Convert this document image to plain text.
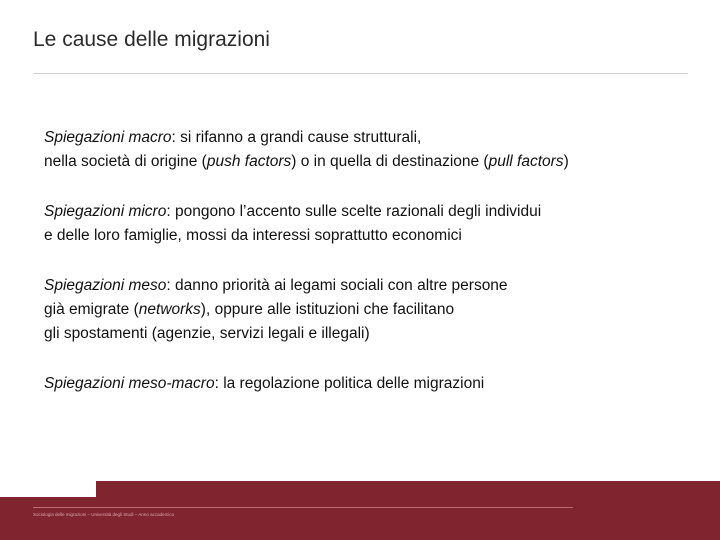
Le cause delle migrazioni

Spiegazioni macro: si rifanno a grandi cause strutturali,
nella società di origine (push factors) o in quella di destinazione (pull factors)

Spiegazioni micro: pongono l’accento sulle scelte razionali degli individui
e delle loro famiglie, mossi da interessi soprattutto economici

Spiegazioni meso: danno priorità ai legami sociali con altre persone
già emigrate (networks), oppure alle istituzioni che facilitano
gli spostamenti (agenzie, servizi legali e illegali)

Spiegazioni meso-macro: la regolazione politica delle migrazioni

Sociologia delle migrazioni – Università degli Studi – Anno accademico
